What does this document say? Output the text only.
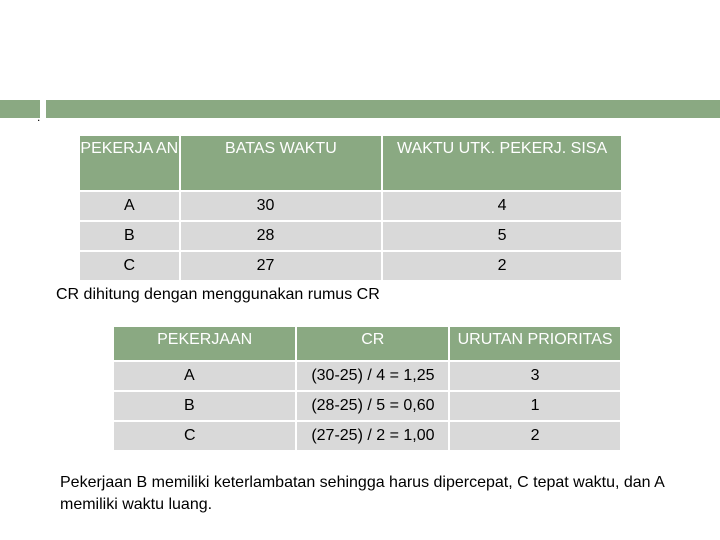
.
PEKERJA AN	BATAS WAKTU	WAKTU UTK. PEKERJ. SISA
A	30	4
B	28	5
C	27	2
CR dihitung dengan menggunakan rumus CR
PEKERJAAN	CR	URUTAN PRIORITAS
A	(30-25) / 4 = 1,25	3
B	(28-25) / 5 = 0,60	1
C	(27-25) / 2 = 1,00	2
Pekerjaan B memiliki keterlambatan sehingga harus dipercepat, C tepat waktu, dan A memiliki waktu luang.
